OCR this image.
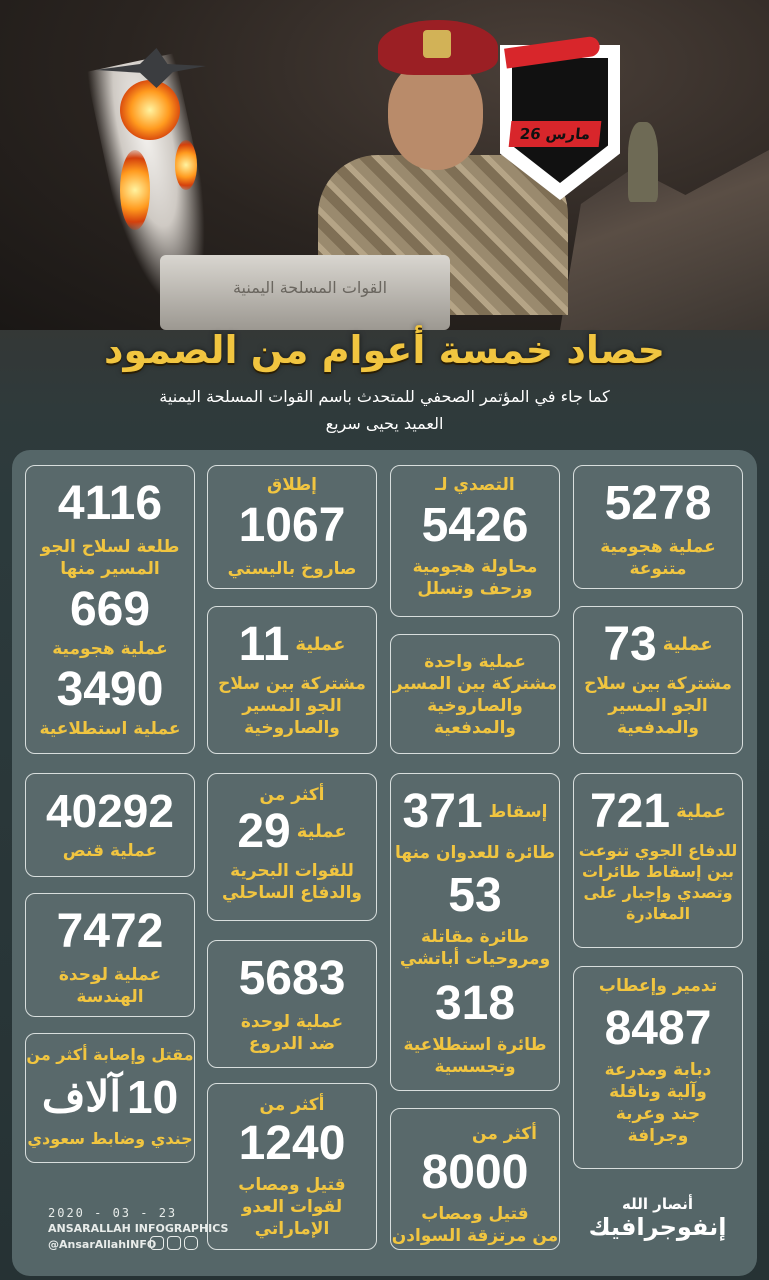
القوات المسلحة اليمنية
26 مارس
حصاد خمسة أعوام من الصمود
كما جاء في المؤتمر الصحفي للمتحدث باسم القوات المسلحة اليمنية
العميد يحيى سريع
5278
عملية هجومية متنوعة
عملية
73
مشتركة بين سلاح
الجو المسير
والمدفعية
عملية
721
للدفاع الجوي تنوعت
بين إسقاط طائرات
وتصدي وإجبار على
المغادرة
تدمير وإعطاب
8487
دبابة ومدرعة
وآلية وناقلة
جند وعربة
وجرافة
التصدي لـ
5426
محاولة هجومية
وزحف وتسلل
عملية واحدة
مشتركة بين المسير
والصاروخية
والمدفعية
إسقاط
371
طائرة للعدوان منها
53
طائرة مقاتلة
ومروحيات أباتشي
318
طائرة استطلاعية
وتجسسية
أكثر من
8000
قتيل ومصاب
من مرتزقة السوادن
إطلاق
1067
صاروخ باليستي
عملية
11
مشتركة بين سلاح
الجو المسير
والصاروخية
أكثر من
عملية
29
للقوات البحرية
والدفاع الساحلي
5683
عملية لوحدة
ضد الدروع
أكثر من
1240
قتيل ومصاب
لقوات العدو
الإماراتي
4116
طلعة لسلاح الجو
المسير منها
669
عملية هجومية
3490
عملية استطلاعية
40292
عملية قنص
7472
عملية لوحدة
الهندسة
مقتل وإصابة أكثر من
10
آلاف
جندي وضابط سعودي
2020 - 03 - 23
ANSARALLAH INFOGRAPHICS
@AnsarAllahINFO
أنصار الله
إنفوجرافيك
